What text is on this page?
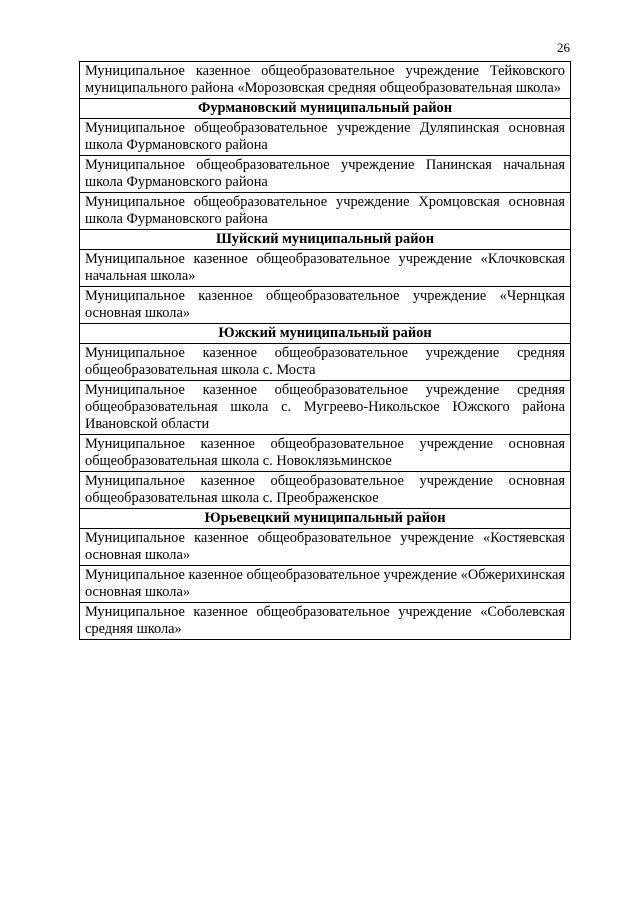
26
Муниципальное казенное общеобразовательное учреждение Тейковского муниципального района «Морозовская средняя общеобразовательная школа»
Фурмановский муниципальный район
Муниципальное общеобразовательное учреждение Дуляпинская основная школа Фурмановского района
Муниципальное общеобразовательное учреждение Панинская начальная школа Фурмановского района
Муниципальное общеобразовательное учреждение Хромцовская основная школа Фурмановского района
Шуйский муниципальный район
Муниципальное казенное общеобразовательное учреждение «Клочковская начальная школа»
Муниципальное казенное общеобразовательное учреждение «Чернцкая основная школа»
Южский муниципальный район
Муниципальное казенное общеобразовательное учреждение средняя общеобразовательная школа с. Моста
Муниципальное казенное общеобразовательное учреждение средняя общеобразовательная школа с. Мугреево-Никольское Южского района Ивановской области
Муниципальное казенное общеобразовательное учреждение основная общеобразовательная школа с. Новоклязьминское
Муниципальное казенное общеобразовательное учреждение основная общеобразовательная школа с. Преображенское
Юрьевецкий муниципальный район
Муниципальное казенное общеобразовательное учреждение «Костяевская основная школа»
Муниципальное казенное общеобразовательное учреждение «Обжерихинская основная школа»
Муниципальное казенное общеобразовательное учреждение «Соболевская средняя школа»
